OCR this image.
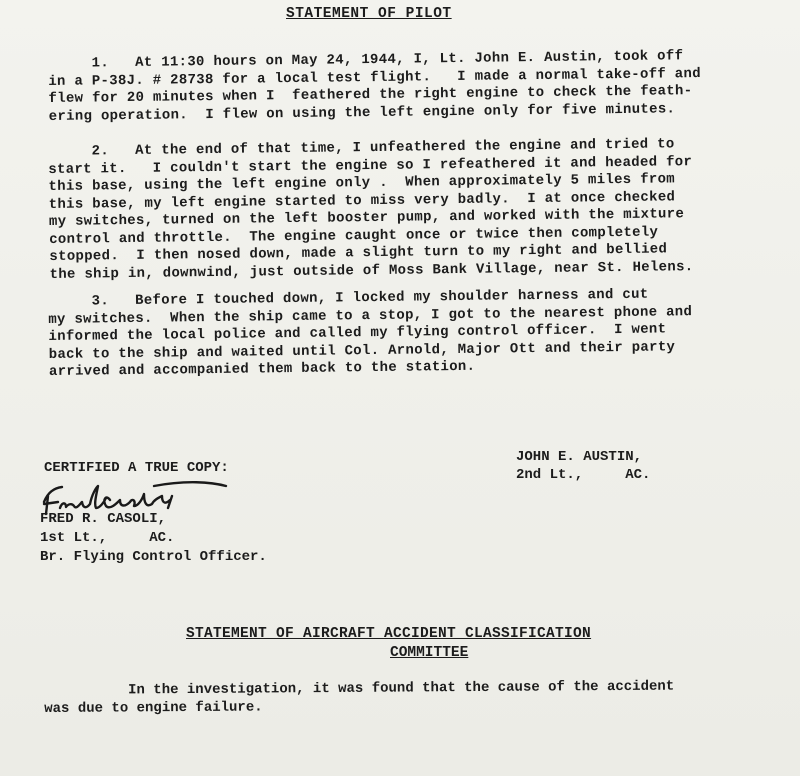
STATEMENT OF PILOT
1.   At 11:30 hours on May 24, 1944, I, Lt. John E. Austin, took off
in a P-38J. # 28738 for a local test flight.   I made a normal take-off and
flew for 20 minutes when I  feathered the right engine to check the feath-
ering operation.  I flew on using the left engine only for five minutes.
2.   At the end of that time, I unfeathered the engine and tried to
start it.   I couldn't start the engine so I refeathered it and headed for
this base, using the left engine only .  When approximately 5 miles from
this base, my left engine started to miss very badly.  I at once checked
my switches, turned on the left booster pump, and worked with the mixture
control and throttle.  The engine caught once or twice then completely
stopped.  I then nosed down, made a slight turn to my right and bellied
the ship in, downwind, just outside of Moss Bank Village, near St. Helens.
3.   Before I touched down, I locked my shoulder harness and cut
my switches.  When the ship came to a stop, I got to the nearest phone and
informed the local police and called my flying control officer.  I went
back to the ship and waited until Col. Arnold, Major Ott and their party
arrived and accompanied them back to the station.
JOHN E. AUSTIN,
2nd Lt.,     AC.
CERTIFIED A TRUE COPY:
FRED R. CASOLI,
1st Lt.,     AC.
Br. Flying Control Officer.
STATEMENT OF AIRCRAFT ACCIDENT CLASSIFICATION
COMMITTEE
In the investigation, it was found that the cause of the accident
was due to engine failure.
